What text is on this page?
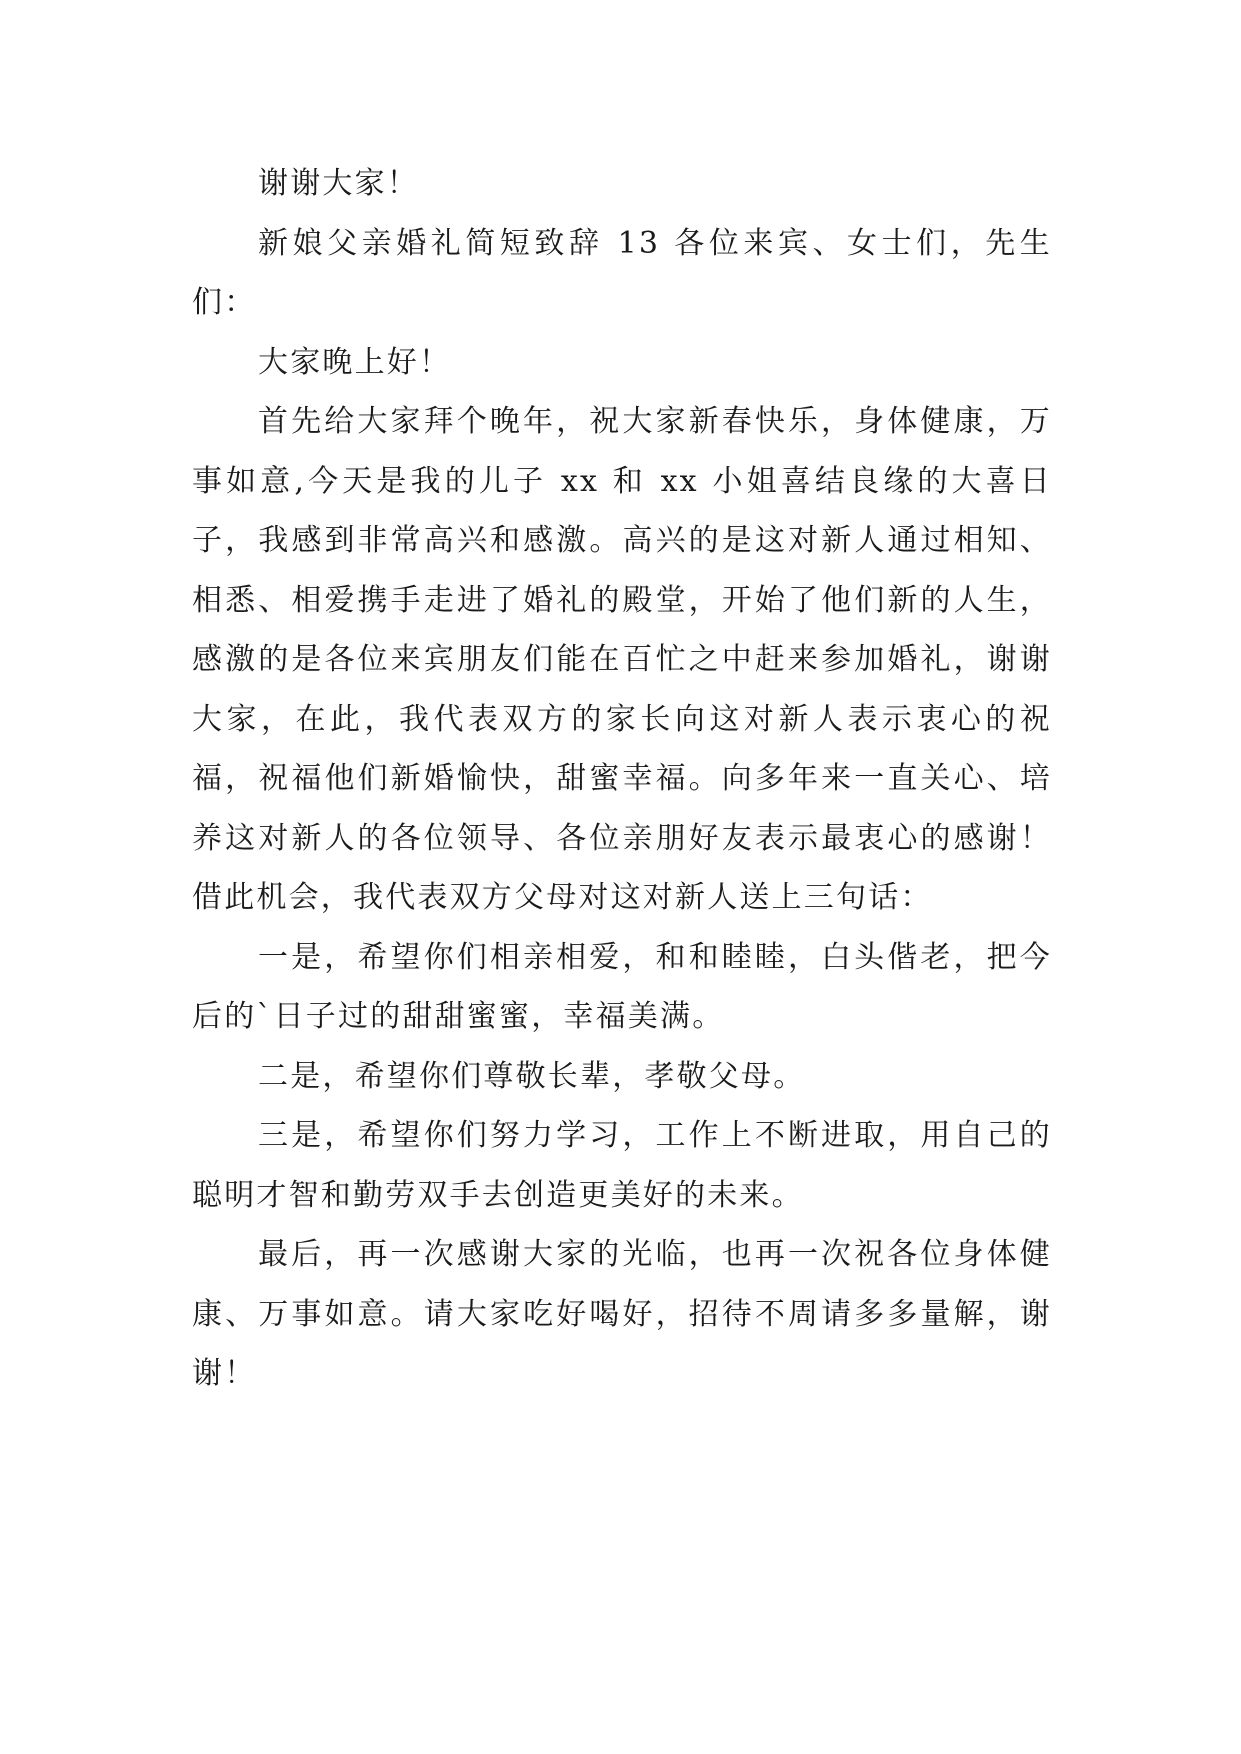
谢谢大家！

新娘父亲婚礼简短致辞 13 各位来宾、女士们，先生们：

大家晚上好！

首先给大家拜个晚年，祝大家新春快乐，身体健康，万事如意,今天是我的儿子 xx 和 xx 小姐喜结良缘的大喜日子，我感到非常高兴和感激。高兴的是这对新人通过相知、相悉、相爱携手走进了婚礼的殿堂，开始了他们新的人生，感激的是各位来宾朋友们能在百忙之中赶来参加婚礼，谢谢大家，在此，我代表双方的家长向这对新人表示衷心的祝福，祝福他们新婚愉快，甜蜜幸福。向多年来一直关心、培养这对新人的各位领导、各位亲朋好友表示最衷心的感谢！借此机会，我代表双方父母对这对新人送上三句话：

一是，希望你们相亲相爱，和和睦睦，白头偕老，把今后的`日子过的甜甜蜜蜜，幸福美满。

二是，希望你们尊敬长辈，孝敬父母。

三是，希望你们努力学习，工作上不断进取，用自己的聪明才智和勤劳双手去创造更美好的未来。

最后，再一次感谢大家的光临，也再一次祝各位身体健康、万事如意。请大家吃好喝好，招待不周请多多量解，谢谢！
